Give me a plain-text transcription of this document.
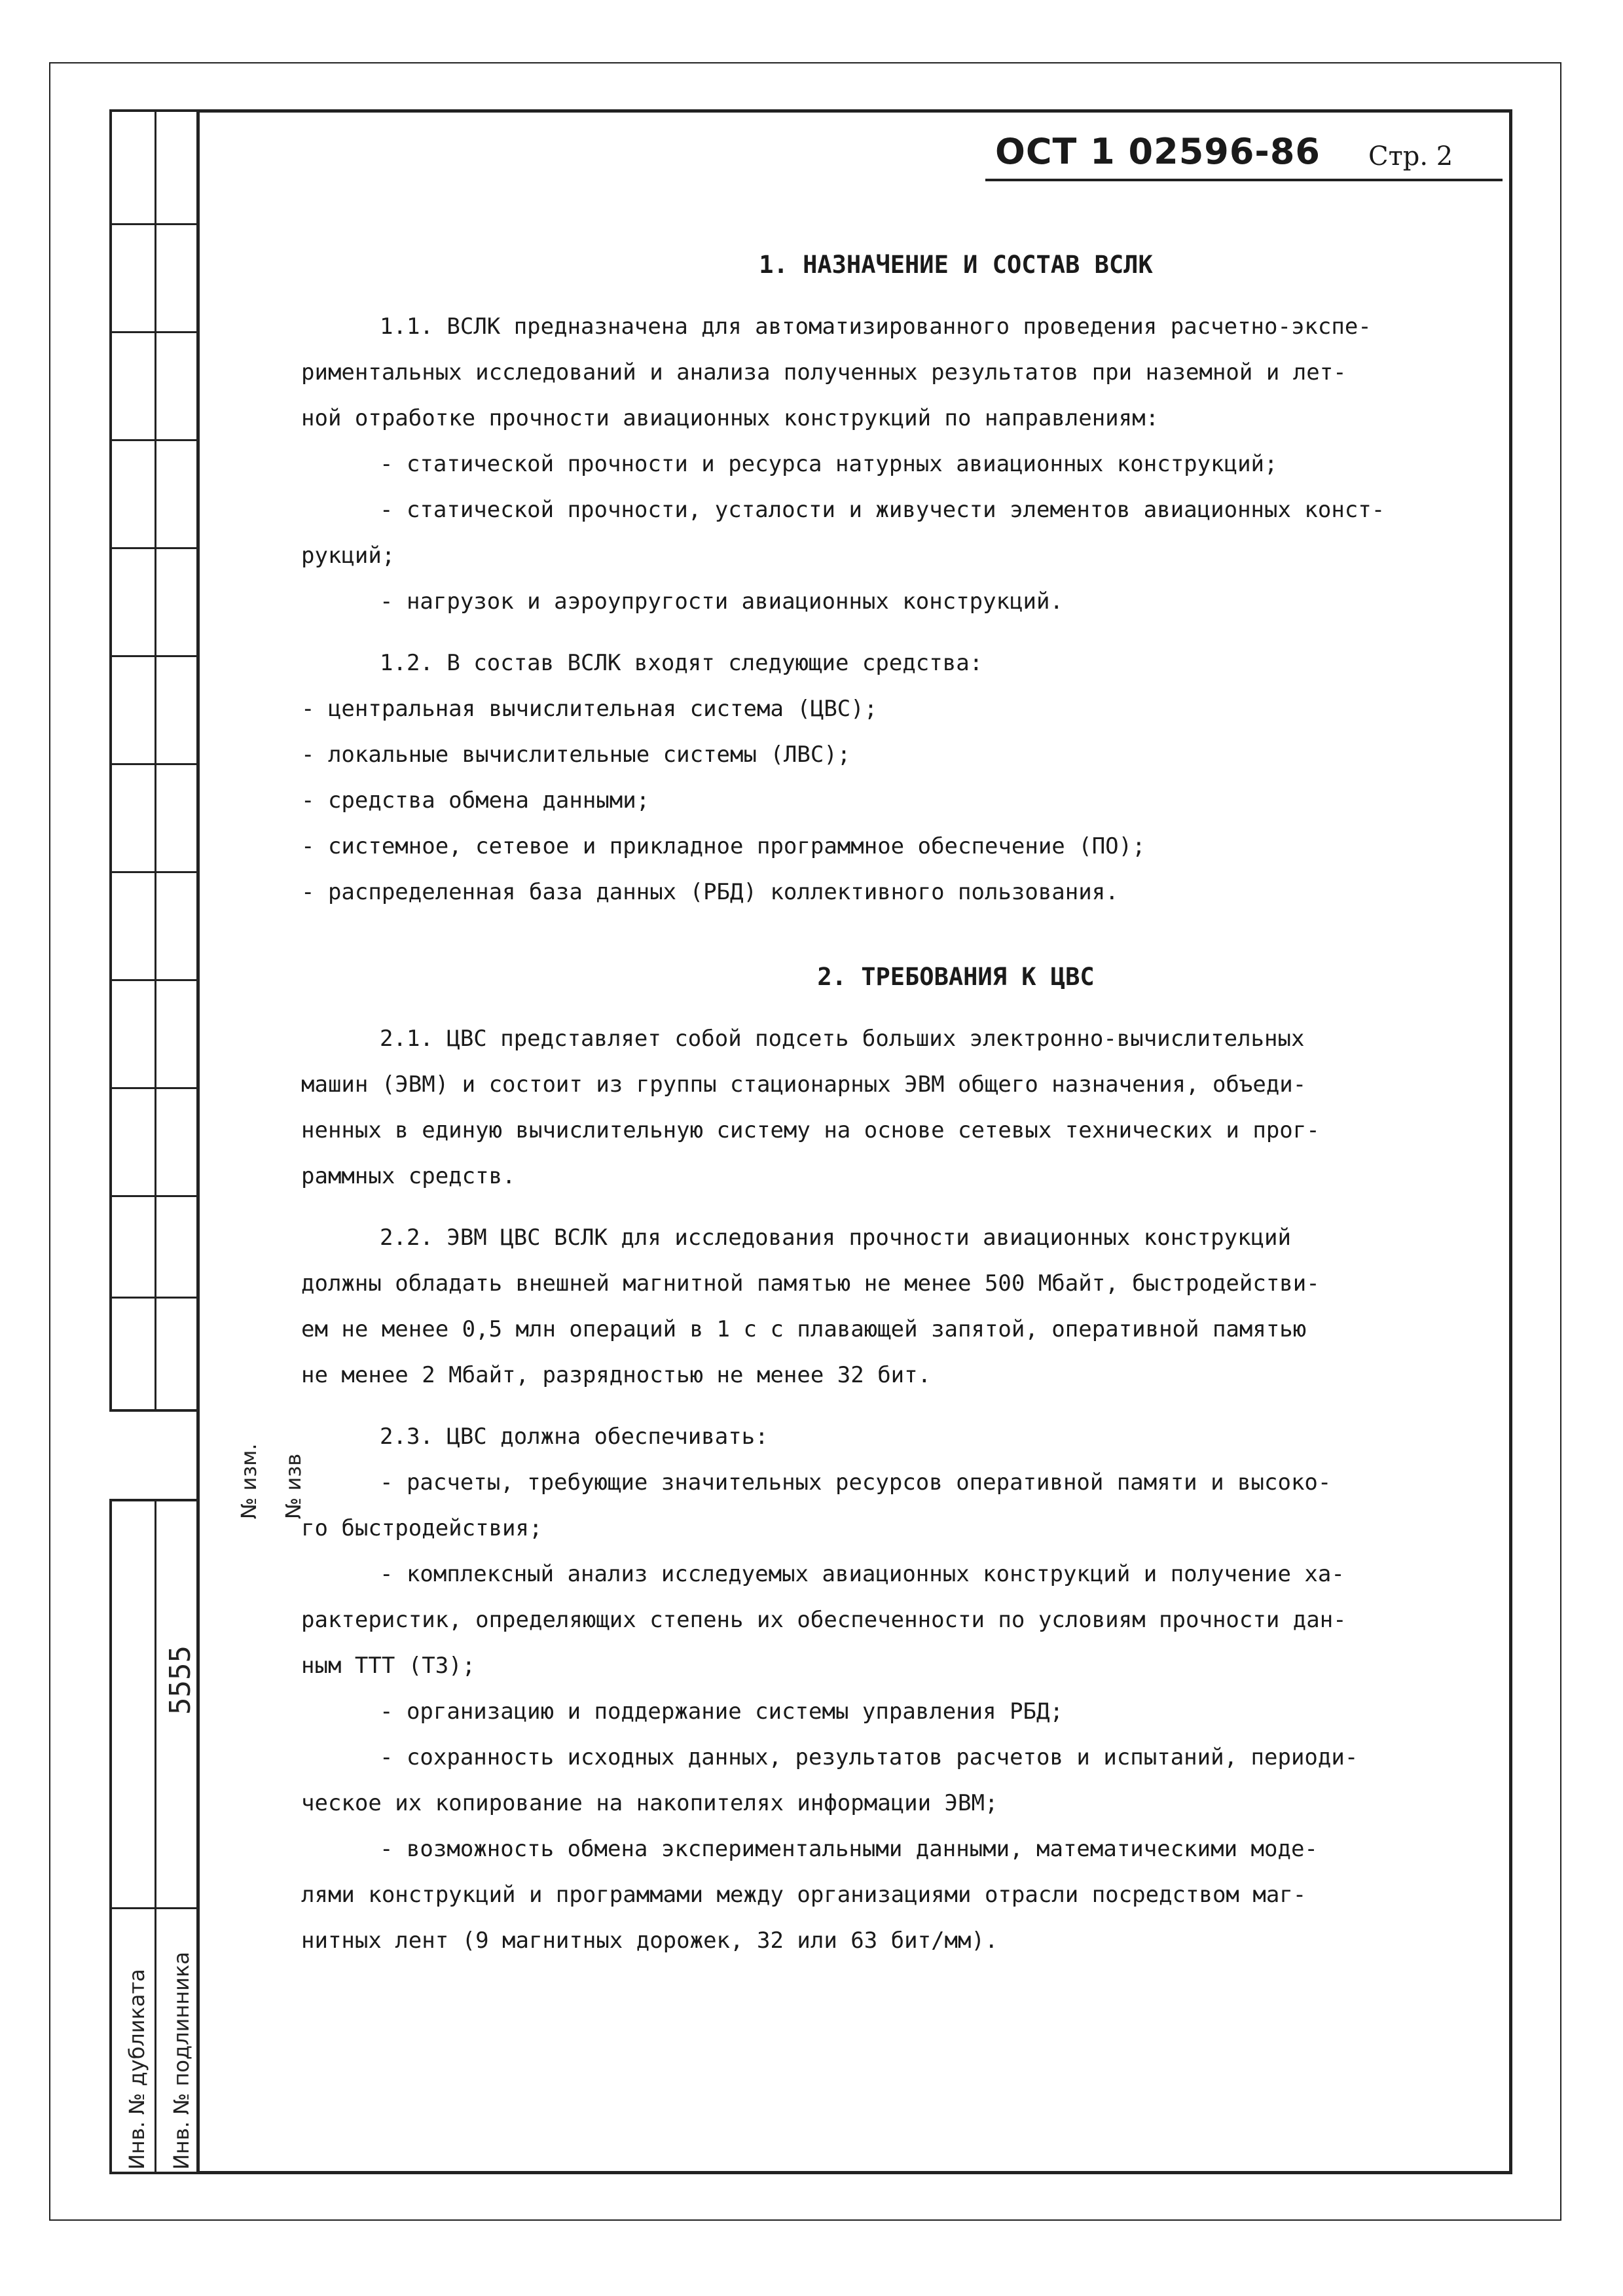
№ изм. № изв
5555
Инв. № дубликата Инв. № подлинника
ОСТ 1 02596-86 Стр. 2
1. НАЗНАЧЕНИЕ И СОСТАВ ВСЛК

1.1. ВСЛК предназначена для автоматизированного проведения расчетно-экспе-
риментальных исследований и анализа полученных результатов при наземной и лет-
ной отработке прочности авиационных конструкций по направлениям:

- статической прочности и ресурса натурных авиационных конструкций;

- статической прочности, усталости и живучести элементов авиационных конст-
рукций;

- нагрузок и аэроупругости авиационных конструкций.

1.2. В состав ВСЛК входят следующие средства:

- центральная вычислительная система (ЦВС);

- локальные вычислительные системы (ЛВС);

- средства обмена данными;

- системное, сетевое и прикладное программное обеспечение (ПО);

- распределенная база данных (РБД) коллективного пользования.

2. ТРЕБОВАНИЯ К ЦВС

2.1. ЦВС представляет собой подсеть больших электронно-вычислительных
машин (ЭВМ) и состоит из группы стационарных ЭВМ общего назначения, объеди-
ненных в единую вычислительную систему на основе сетевых технических и прог-
раммных средств.

2.2. ЭВМ ЦВС ВСЛК для исследования прочности авиационных конструкций
должны обладать внешней магнитной памятью не менее 500 Мбайт, быстродействи-
ем не менее 0,5 млн операций в 1 с с плавающей запятой, оперативной памятью
не менее 2 Мбайт, разрядностью не менее 32 бит.

2.3. ЦВС должна обеспечивать:

- расчеты, требующие значительных ресурсов оперативной памяти и высоко-
го быстродействия;

- комплексный анализ исследуемых авиационных конструкций и получение ха-
рактеристик, определяющих степень их обеспеченности по условиям прочности дан-
ным ТТТ (ТЗ);

- организацию и поддержание системы управления РБД;

- сохранность исходных данных, результатов расчетов и испытаний, периоди-
ческое их копирование на накопителях информации ЭВМ;

- возможность обмена экспериментальными данными, математическими моде-
лями конструкций и программами между организациями отрасли посредством маг-
нитных лент (9 магнитных дорожек, 32 или 63 бит/мм).
